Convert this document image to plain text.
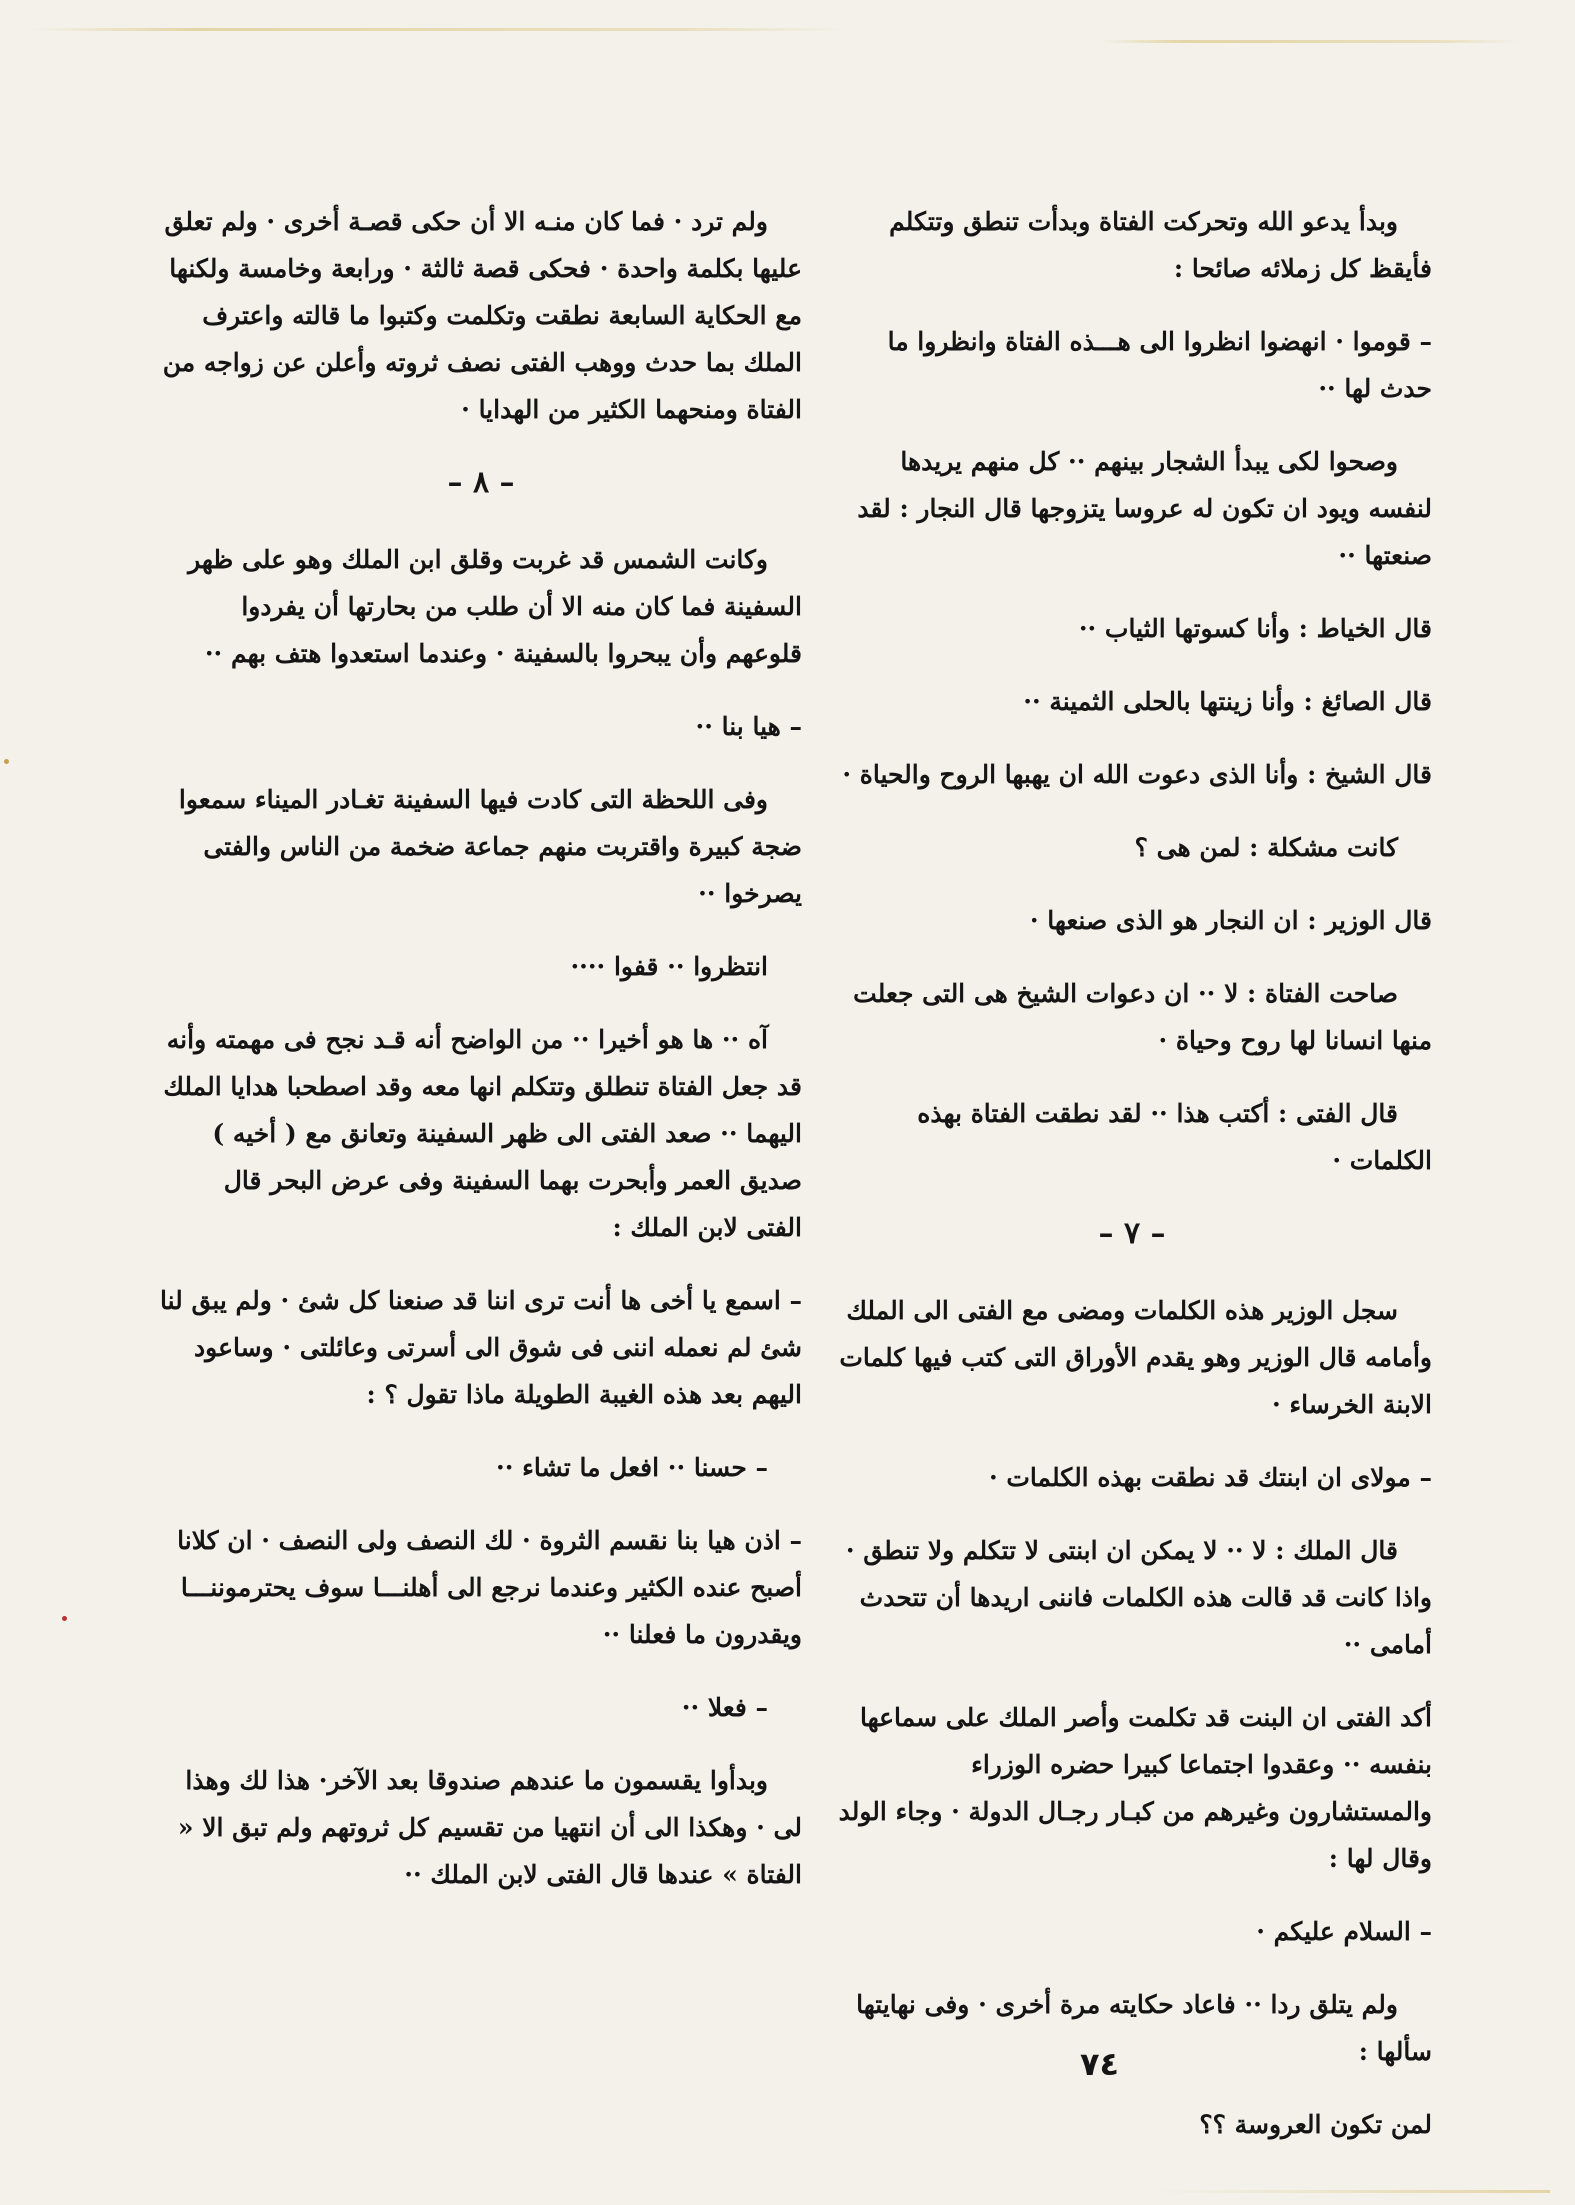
وبدأ يدعو الله وتحركت الفتاة وبدأت تنطق وتتكلم فأيقظ كل زملائه صائحا :

– قوموا · انهضوا انظروا الى هـــذه الفتاة وانظروا ما حدث لها ··

وصحوا لكى يبدأ الشجار بينهم ·· كل منهم يريدها لنفسه ويود ان تكون له عروسا يتزوجها قال النجار : لقد صنعتها ··

قال الخياط : وأنا كسوتها الثياب ··

قال الصائغ : وأنا زينتها بالحلى الثمينة ··

قال الشيخ : وأنا الذى دعوت الله ان يهبها الروح والحياة ·

كانت مشكلة : لمن هى ؟

قال الوزير : ان النجار هو الذى صنعها ·

صاحت الفتاة : لا ·· ان دعوات الشيخ هى التى جعلت منها انسانا لها روح وحياة ·

قال الفتى : أكتب هذا ·· لقد نطقت الفتاة بهذه الكلمات ·

– ٧ –

سجل الوزير هذه الكلمات ومضى مع الفتى الى الملك وأمامه قال الوزير وهو يقدم الأوراق التى كتب فيها كلمات الابنة الخرساء ·

– مولاى ان ابنتك قد نطقت بهذه الكلمات ·

قال الملك : لا ·· لا يمكن ان ابنتى لا تتكلم ولا تنطق · واذا كانت قد قالت هذه الكلمات فاننى اريدها أن تتحدث أمامى ··

أكد الفتى ان البنت قد تكلمت وأصر الملك على سماعها بنفسه ·· وعقدوا اجتماعا كبيرا حضره الوزراء والمستشارون وغيرهم من كبـار رجـال الدولة · وجاء الولد وقال لها :

– السلام عليكم ·

ولم يتلق ردا ·· فاعاد حكايته مرة أخرى · وفى نهايتها سألها :

لمن تكون العروسة ؟؟

ولم ترد · فما كان منـه الا أن حكى قصـة أخرى · ولم تعلق عليها بكلمة واحدة · فحكى قصة ثالثة · ورابعة وخامسة ولكنها مع الحكاية السابعة نطقت وتكلمت وكتبوا ما قالته واعترف الملك بما حدث ووهب الفتى نصف ثروته وأعلن عن زواجه من الفتاة ومنحهما الكثير من الهدايا ·

– ٨ –

وكانت الشمس قد غربت وقلق ابن الملك وهو على ظهر السفينة فما كان منه الا أن طلب من بحارتها أن يفردوا قلوعهم وأن يبحروا بالسفينة · وعندما استعدوا هتف بهم ··

– هيا بنا ··

وفى اللحظة التى كادت فيها السفينة تغـادر الميناء سمعوا ضجة كبيرة واقتربت منهم جماعة ضخمة من الناس والفتى يصرخوا ··

انتظروا ·· قفوا ····

آه ·· ها هو أخيرا ·· من الواضح أنه قـد نجح فى مهمته وأنه قد جعل الفتاة تنطلق وتتكلم انها معه وقد اصطحبا هدايا الملك اليهما ·· صعد الفتى الى ظهر السفينة وتعانق مع ( أخيه ) صديق العمر وأبحرت بهما السفينة وفى عرض البحر قال الفتى لابن الملك :

– اسمع يا أخى ها أنت ترى اننا قد صنعنا كل شئ · ولم يبق لنا شئ لم نعمله اننى فى شوق الى أسرتى وعائلتى · وساعود اليهم بعد هذه الغيبة الطويلة ماذا تقول ؟ :

– حسنا ·· افعل ما تشاء ··

– اذن هيا بنا نقسم الثروة · لك النصف ولى النصف · ان كلانا أصبح عنده الكثير وعندما نرجع الى أهلنـــا سوف يحترموننـــا ويقدرون ما فعلنا ··

– فعلا ··

وبدأوا يقسمون ما عندهم صندوقا بعد الآخر· هذا لك وهذا لى · وهكذا الى أن انتهيا من تقسيم كل ثروتهم ولم تبق الا « الفتاة » عندها قال الفتى لابن الملك ··

٧٤
